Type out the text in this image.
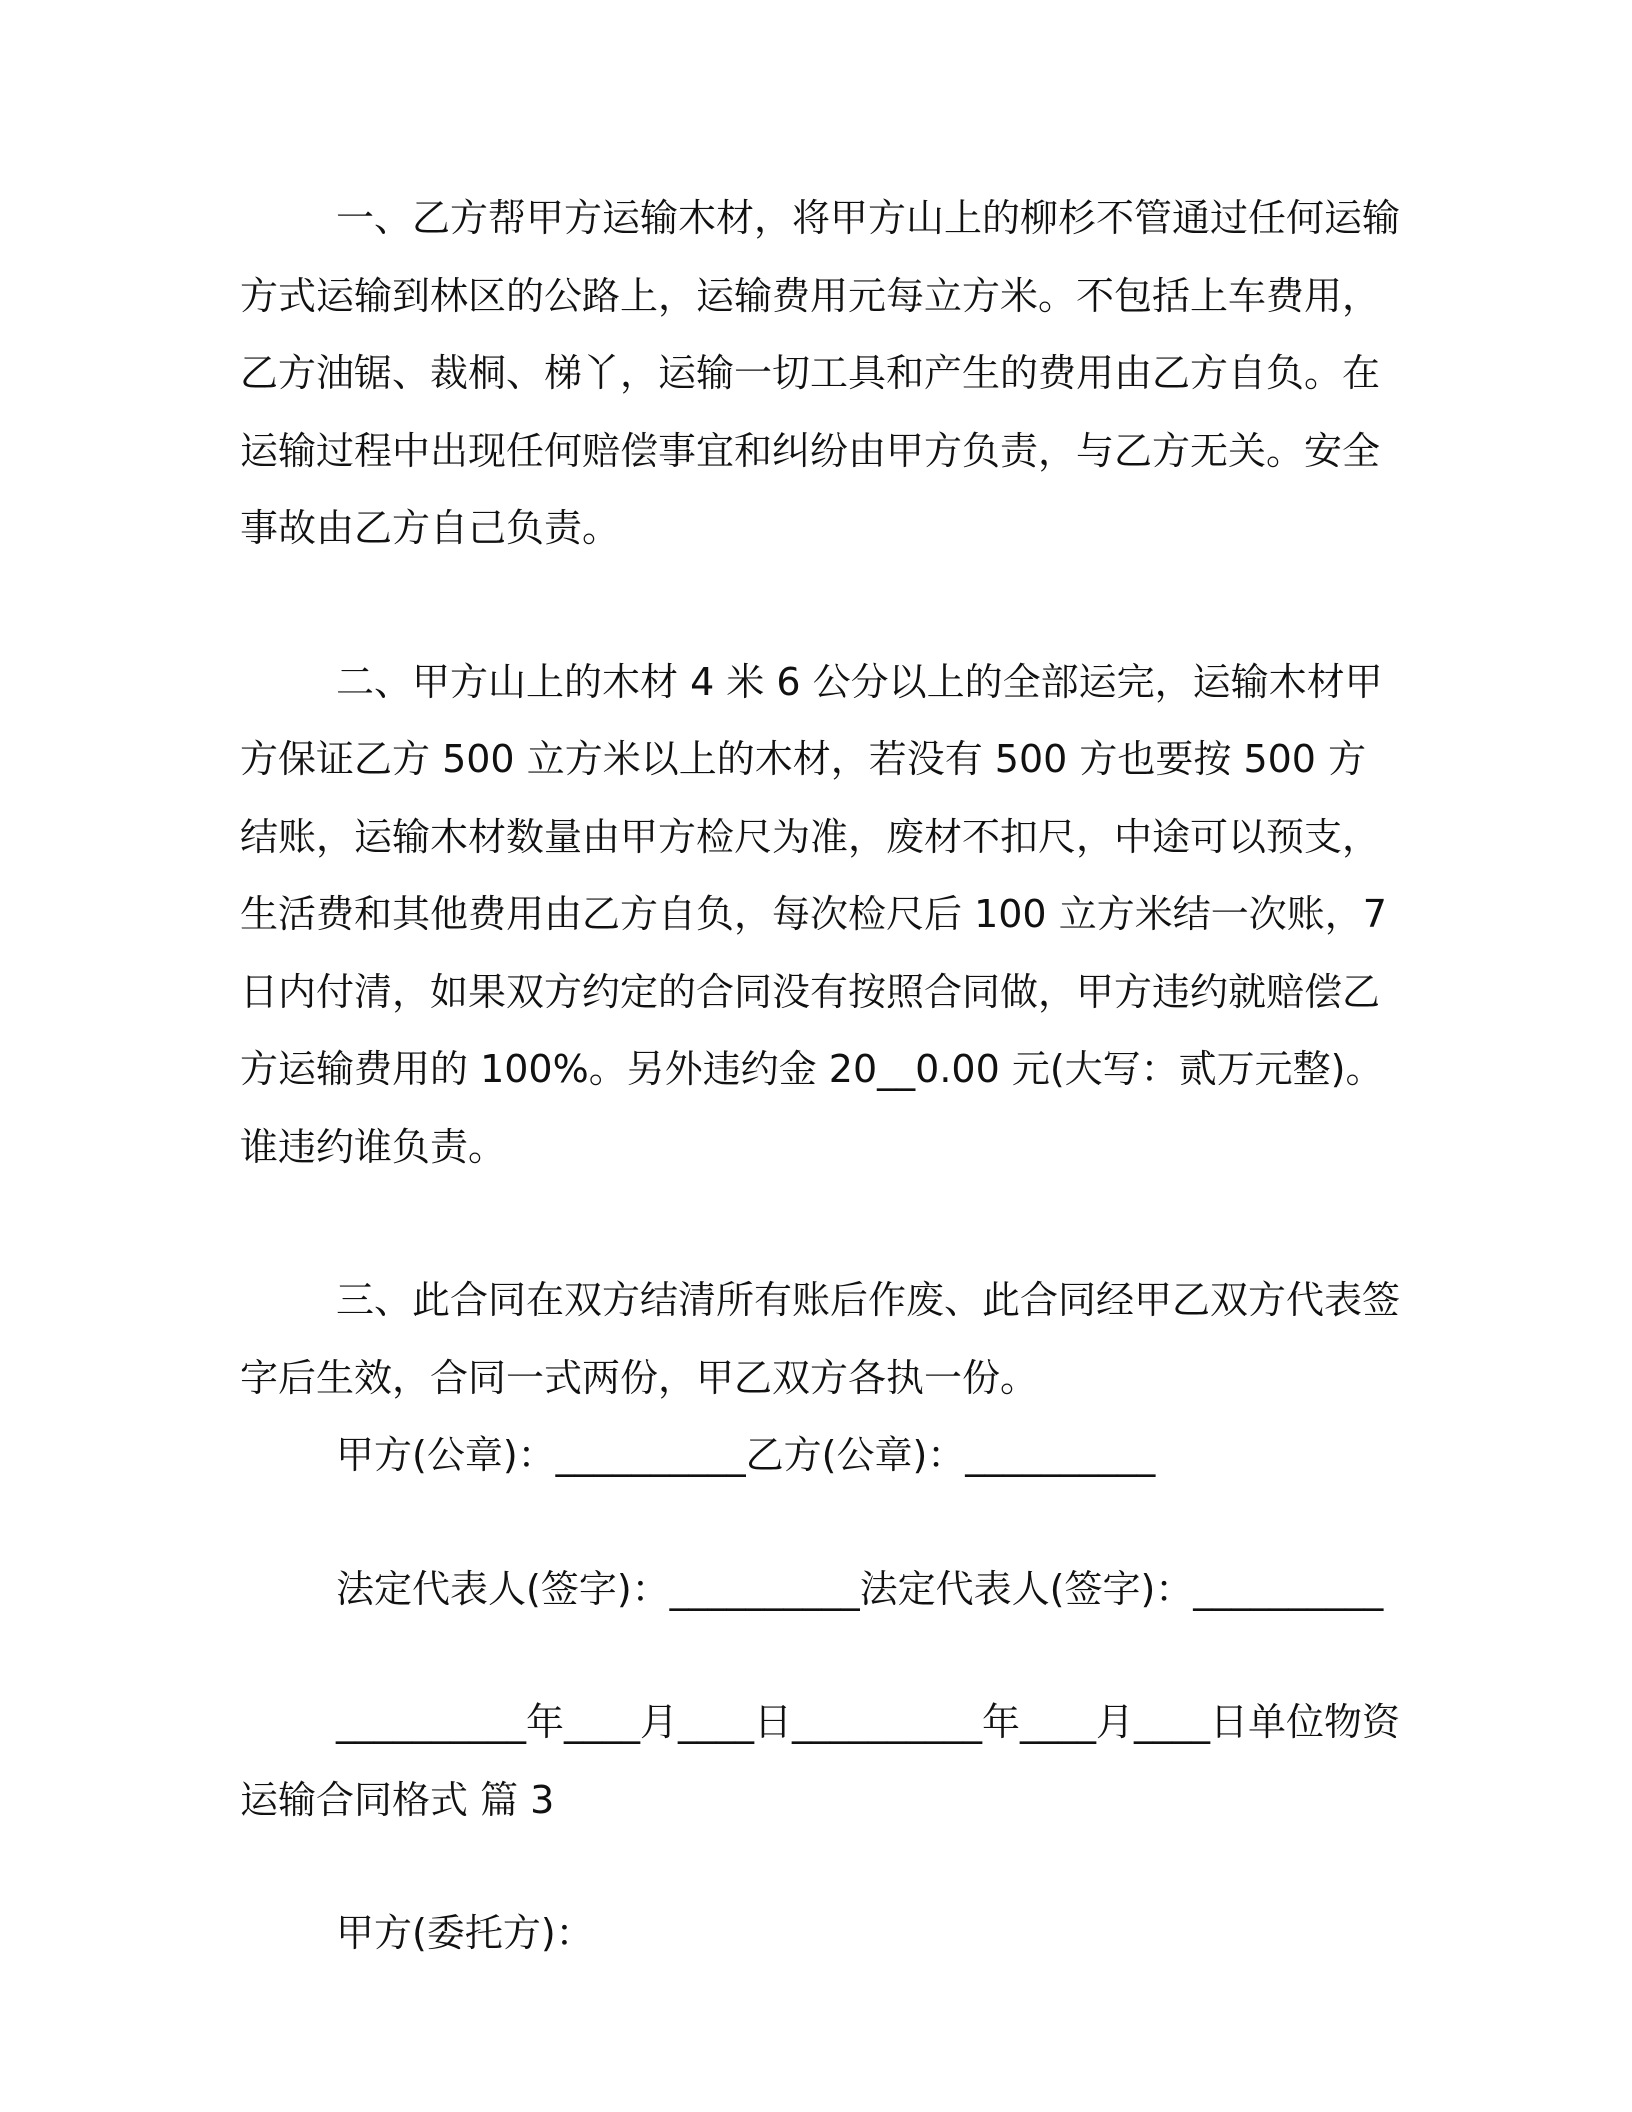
一、乙方帮甲方运输木材，将甲方山上的柳杉不管通过任何运输方式运输到林区的公路上，运输费用元每立方米。不包括上车费用，乙方油锯、裁桐、梯丫，运输一切工具和产生的费用由乙方自负。在运输过程中出现任何赔偿事宜和纠纷由甲方负责，与乙方无关。安全事故由乙方自己负责。

二、甲方山上的木材 4 米 6 公分以上的全部运完，运输木材甲方保证乙方 500 立方米以上的木材，若没有 500 方也要按 500 方结账，运输木材数量由甲方检尺为准，废材不扣尺，中途可以预支，生活费和其他费用由乙方自负，每次检尺后 100 立方米结一次账，7 日内付清，如果双方约定的合同没有按照合同做，甲方违约就赔偿乙方运输费用的 100%。另外违约金 20__0.00 元(大写：贰万元整)。谁违约谁负责。

三、此合同在双方结清所有账后作废、此合同经甲乙双方代表签字后生效，合同一式两份，甲乙双方各执一份。

甲方(公章)：__________乙方(公章)：__________

法定代表人(签字)：__________法定代表人(签字)：__________

__________年____月____日__________年____月____日单位物资运输合同格式 篇 3

甲方(委托方)：
